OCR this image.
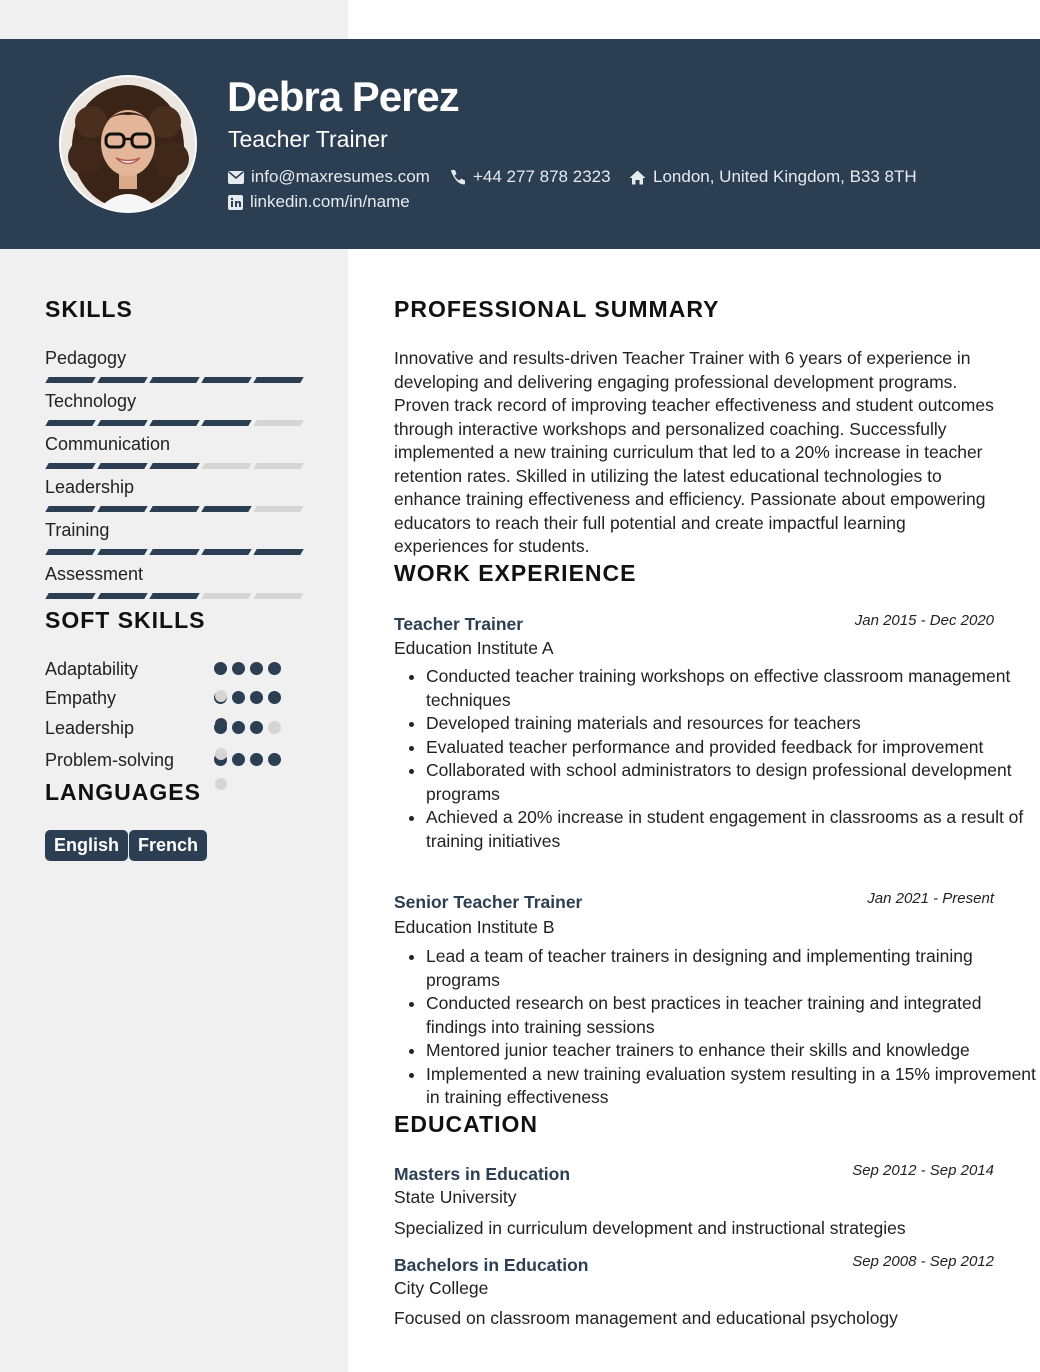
Debra Perez
Teacher Trainer
info@maxresumes.com	+44 277 878 2323 London, United Kingdom, B33 8TH
linkedin.com/in/name
SKILLS
Pedagogy
Technology
Communication
Leadership
Training
Assessment
SOFT SKILLS
Adaptability
Empathy
Leadership
Problem-solving
LANGUAGES
English	French
PROFESSIONAL SUMMARY

Innovative and results-driven Teacher Trainer with 6 years of experience in developing and delivering engaging professional development programs. Proven track record of improving teacher effectiveness and student outcomes through interactive workshops and personalized coaching. Successfully implemented a new training curriculum that led to a 20% increase in teacher retention rates. Skilled in utilizing the latest educational technologies to enhance training effectiveness and efficiency. Passionate about empowering educators to reach their full potential and create impactful learning experiences for students.

WORK EXPERIENCE
Teacher Trainer	Jan 2015 - Dec 2020
Education Institute A
• Conducted teacher training workshops on effective classroom management techniques
• Developed training materials and resources for teachers
• Evaluated teacher performance and provided feedback for improvement
• Collaborated with school administrators to design professional development programs
• Achieved a 20% increase in student engagement in classrooms as a result of training initiatives
Senior Teacher Trainer	Jan 2021 - Present
Education Institute B
• Lead a team of teacher trainers in designing and implementing training programs
• Conducted research on best practices in teacher training and integrated findings into training sessions
• Mentored junior teacher trainers to enhance their skills and knowledge
• Implemented a new training evaluation system resulting in a 15% improvement in training effectiveness
EDUCATION
Masters in Education	Sep 2012 - Sep 2014
State University
Specialized in curriculum development and instructional strategies
Bachelors in Education	Sep 2008 - Sep 2012
City College
Focused on classroom management and educational psychology
